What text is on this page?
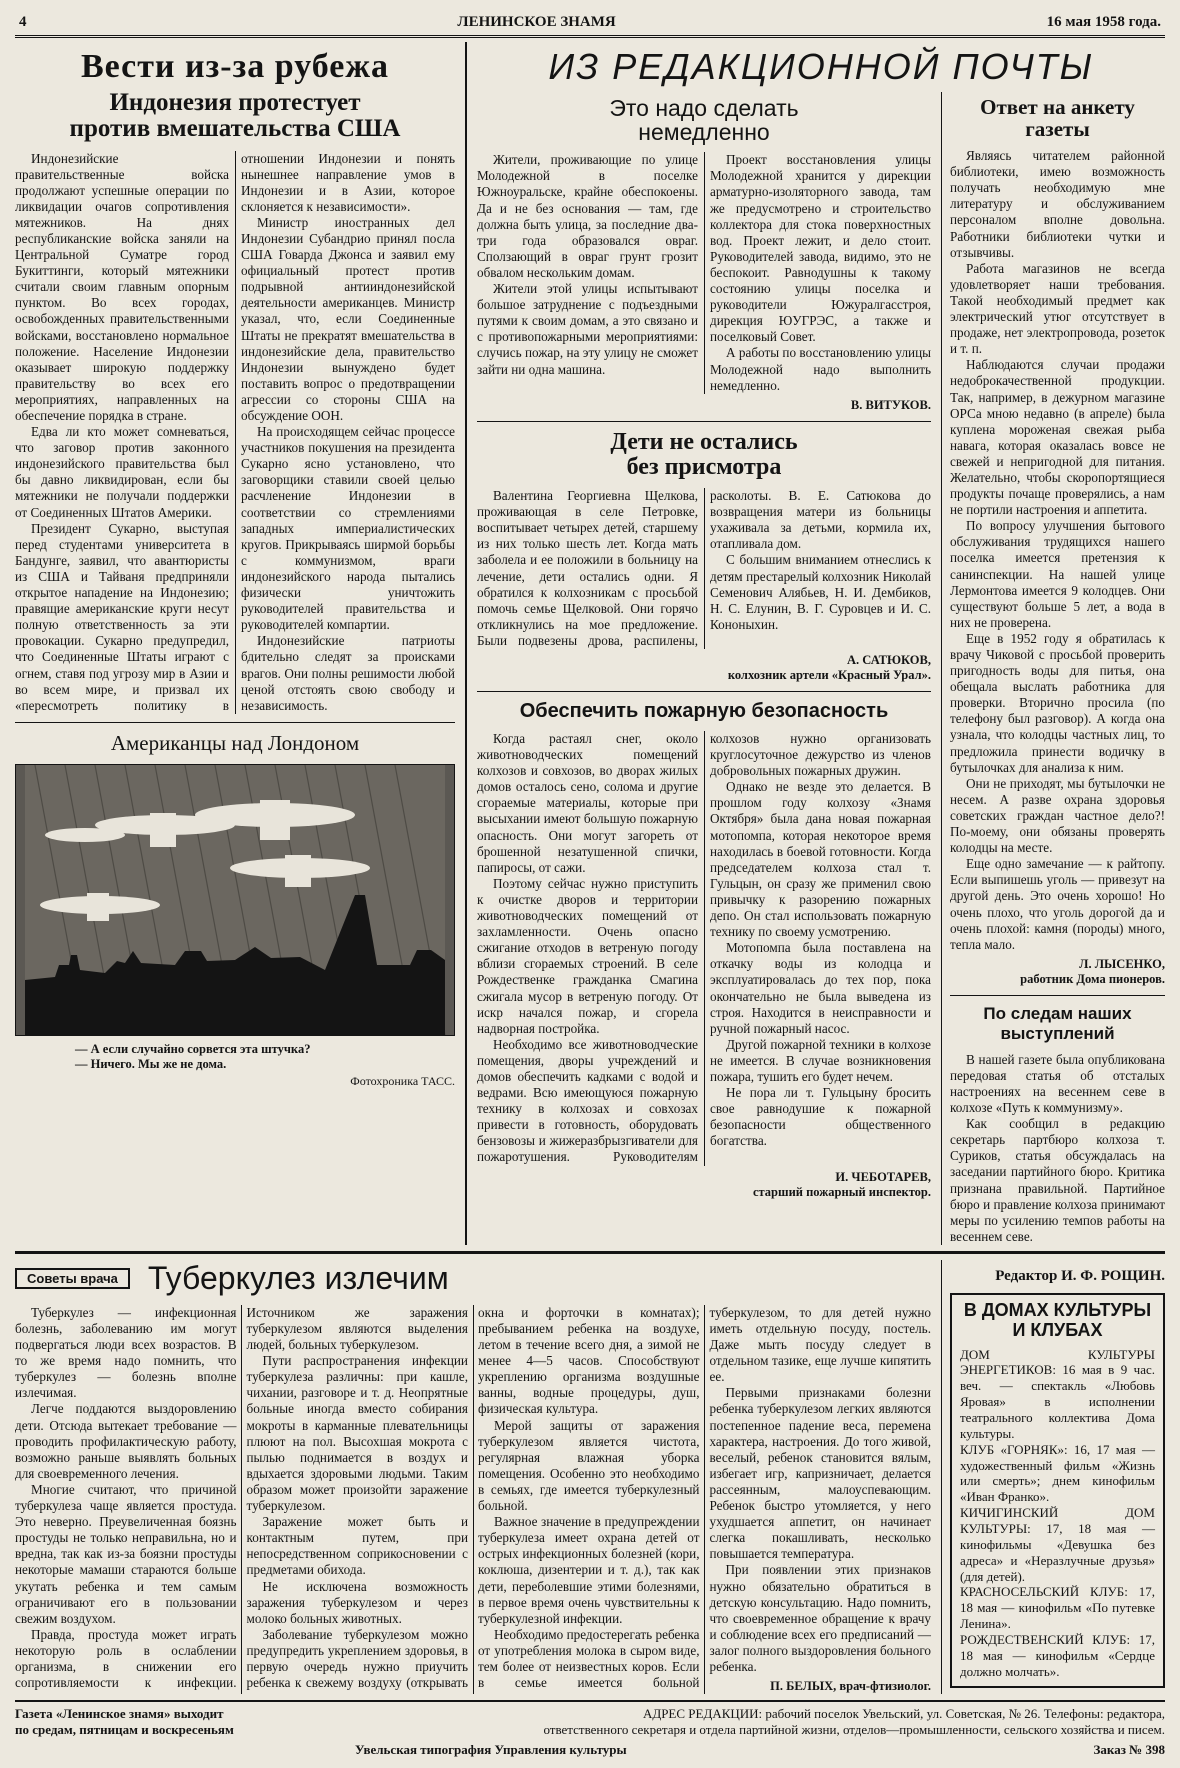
4	ЛЕНИНСКОЕ ЗНАМЯ	16 мая 1958 года.
Вести из-за рубежа
Индонезия протестует
против вмешательства США

Индонезийские правительственные войска продолжают успешные операции по ликвидации очагов сопротивления мятежников. На днях республиканские войска заняли на Центральной Суматре город Букиттинги, который мятежники считали своим главным опорным пунктом. Во всех городах, освобожденных правительственными войсками, восстановлено нормальное положение. Население Индонезии оказывает широкую поддержку правительству во всех его мероприятиях, направленных на обеспечение порядка в стране.

Едва ли кто может сомневаться, что заговор против законного индонезийского правительства был бы давно ликвидирован, если бы мятежники не получали поддержки от Соединенных Штатов Америки.

Президент Сукарно, выступая перед студентами университета в Бандунге, заявил, что авантюристы из США и Тайваня предприняли открытое нападение на Индонезию; правящие американские круги несут полную ответственность за эти провокации. Сукарно предупредил, что Соединенные Штаты играют с огнем, ставя под угрозу мир в Азии и во всем мире, и призвал их «пересмотреть политику в отношении Индонезии и понять нынешнее направление умов в Индонезии и в Азии, которое склоняется к независимости».

Министр иностранных дел Индонезии Субандрио принял посла США Говарда Джонса и заявил ему официальный протест против подрывной антииндонезийской деятельности американцев. Министр указал, что, если Соединенные Штаты не прекратят вмешательства в индонезийские дела, правительство Индонезии вынуждено будет поставить вопрос о предотвращении агрессии со стороны США на обсуждение ООН.

На происходящем сейчас процессе участников покушения на президента Сукарно ясно установлено, что заговорщики ставили своей целью расчленение Индонезии в соответствии со стремлениями западных империалистических кругов. Прикрываясь ширмой борьбы с коммунизмом, враги индонезийского народа пытались физически уничтожить руководителей правительства и руководителей компартии.

Индонезийские патриоты бдительно следят за происками врагов. Они полны решимости любой ценой отстоять свою свободу и независимость.

Американцы над Лондоном
— А если случайно сорвется эта штучка?
— Ничего. Мы же не дома.
Фотохроника ТАСС.
ИЗ РЕДАКЦИОННОЙ ПОЧТЫ
Это надо сделать
немедленно

Жители, проживающие по улице Молодежной в поселке Южноуральске, крайне обеспокоены. Да и не без основания — там, где должна быть улица, за последние два-три года образовался овраг. Сползающий в овраг грунт грозит обвалом нескольким домам.

Жители этой улицы испытывают большое затруднение с подъездными путями к своим домам, а это связано и с противопожарными мероприятиями: случись пожар, на эту улицу не сможет зайти ни одна машина.

Проект восстановления улицы Молодежной хранится у дирекции арматурно-изоляторного завода, там же предусмотрено и строительство коллектора для стока поверхностных вод. Проект лежит, и дело стоит. Руководителей завода, видимо, это не беспокоит. Равнодушны к такому состоянию улицы поселка и руководители Южуралгасстроя, дирекция ЮУГРЭС, а также и поселковый Совет.

А работы по восстановлению улицы Молодежной надо выполнить немедленно.

В. ВИТУКОВ.
Дети не остались
без присмотра

Валентина Георгиевна Щелкова, проживающая в селе Петровке, воспитывает четырех детей, старшему из них только шесть лет. Когда мать заболела и ее положили в больницу на лечение, дети остались одни. Я обратился к колхозникам с просьбой помочь семье Щелковой. Они горячо откликнулись на мое предложение. Были подвезены дрова, распилены, расколоты. В. Е. Сатюкова до возвращения матери из больницы ухаживала за детьми, кормила их, отапливала дом.

С большим вниманием отнеслись к детям престарелый колхозник Николай Семенович Алябьев, Н. И. Дембиков, Н. С. Елунин, В. Г. Суровцев и И. С. Кононыхин.

А. САТЮКОВ,
колхозник артели «Красный Урал».
Обеспечить пожарную безопасность

Когда растаял снег, около животноводческих помещений колхозов и совхозов, во дворах жилых домов осталось сено, солома и другие сгораемые материалы, которые при высыхании имеют большую пожарную опасность. Они могут загореть от брошенной незатушенной спички, папиросы, от сажи.

Поэтому сейчас нужно приступить к очистке дворов и территории животноводческих помещений от захламленности. Очень опасно сжигание отходов в ветреную погоду вблизи сгораемых строений. В селе Рождественке гражданка Смагина сжигала мусор в ветреную погоду. От искр начался пожар, и сгорела надворная постройка.

Необходимо все животноводческие помещения, дворы учреждений и домов обеспечить кадками с водой и ведрами. Всю имеющуюся пожарную технику в колхозах и совхозах привести в готовность, оборудовать бензовозы и жижеразбрызгиватели для пожаротушения. Руководителям колхозов нужно организовать круглосуточное дежурство из членов добровольных пожарных дружин.

Однако не везде это делается. В прошлом году колхозу «Знамя Октября» была дана новая пожарная мотопомпа, которая некоторое время находилась в боевой готовности. Когда председателем колхоза стал т. Гульцын, он сразу же применил свою привычку к разорению пожарных депо. Он стал использовать пожарную технику по своему усмотрению.

Мотопомпа была поставлена на откачку воды из колодца и эксплуатировалась до тех пор, пока окончательно не была выведена из строя. Находится в неисправности и ручной пожарный насос.

Другой пожарной техники в колхозе не имеется. В случае возникновения пожара, тушить его будет нечем.

Не пора ли т. Гульцыну бросить свое равнодушие к пожарной безопасности общественного богатства.

И. ЧЕБОТАРЕВ,
старший пожарный инспектор.
Ответ на анкету
газеты

Являясь читателем районной библиотеки, имею возможность получать необходимую мне литературу и обслуживанием персоналом вполне довольна. Работники библиотеки чутки и отзывчивы.

Работа магазинов не всегда удовлетворяет наши требования. Такой необходимый предмет как электрический утюг отсутствует в продаже, нет электропровода, розеток и т. п.

Наблюдаются случаи продажи недоброкачественной продукции. Так, например, в дежурном магазине ОРСа мною недавно (в апреле) была куплена мороженая свежая рыба навага, которая оказалась вовсе не свежей и непригодной для питания. Желательно, чтобы скоропортящиеся продукты почаще проверялись, а нам не портили настроения и аппетита.

По вопросу улучшения бытового обслуживания трудящихся нашего поселка имеется претензия к санинспекции. На нашей улице Лермонтова имеется 9 колодцев. Они существуют больше 5 лет, а вода в них не проверена.

Еще в 1952 году я обратилась к врачу Чиковой с просьбой проверить пригодность воды для питья, она обещала выслать работника для проверки. Вторично просила (по телефону был разговор). А когда она узнала, что колодцы частных лиц, то предложила принести водичку в бутылочках для анализа к ним.

Они не приходят, мы бутылочки не несем. А разве охрана здоровья советских граждан частное дело?! По-моему, они обязаны проверять колодцы на месте.

Еще одно замечание — к райтопу. Если выпишешь уголь — привезут на другой день. Это очень хорошо! Но очень плохо, что уголь дорогой да и очень плохой: камня (породы) много, тепла мало.

Л. ЛЫСЕНКО,
работник Дома пионеров.
По следам наших
выступлений

В нашей газете была опубликована передовая статья об отсталых настроениях на весеннем севе в колхозе «Путь к коммунизму».

Как сообщил в редакцию секретарь партбюро колхоза т. Суриков, статья обсуждалась на заседании партийного бюро. Критика признана правильной. Партийное бюро и правление колхоза принимают меры по усилению темпов работы на весеннем севе.

Советы врача Туберкулез излечим

Туберкулез — инфекционная болезнь, заболеванию им могут подвергаться люди всех возрастов. В то же время надо помнить, что туберкулез — болезнь вполне излечимая.

Легче поддаются выздоровлению дети. Отсюда вытекает требование — проводить профилактическую работу, возможно раньше выявлять больных для своевременного лечения.

Многие считают, что причиной туберкулеза чаще является простуда. Это неверно. Преувеличенная боязнь простуды не только неправильна, но и вредна, так как из-за боязни простуды некоторые мамаши стараются больше укутать ребенка и тем самым ограничивают его в пользовании свежим воздухом.

Правда, простуда может играть некоторую роль в ослаблении организма, в снижении его сопротивляемости к инфекции. Источником же заражения туберкулезом являются выделения людей, больных туберкулезом.

Пути распространения инфекции туберкулеза различны: при кашле, чихании, разговоре и т. д. Неопрятные больные иногда вместо собирания мокроты в карманные плевательницы плюют на пол. Высохшая мокрота с пылью поднимается в воздух и вдыхается здоровыми людьми. Таким образом может произойти заражение туберкулезом.

Заражение может быть и контактным путем, при непосредственном соприкосновении с предметами обихода.

Не исключена возможность заражения туберкулезом и через молоко больных животных.

Заболевание туберкулезом можно предупредить укреплением здоровья, в первую очередь нужно приучить ребенка к свежему воздуху (открывать окна и форточки в комнатах); пребыванием ребенка на воздухе, летом в течение всего дня, а зимой не менее 4—5 часов. Способствуют укреплению организма воздушные ванны, водные процедуры, душ, физическая культура.

Мерой защиты от заражения туберкулезом является чистота, регулярная влажная уборка помещения. Особенно это необходимо в семьях, где имеется туберкулезный больной.

Важное значение в предупреждении туберкулеза имеет охрана детей от острых инфекционных болезней (кори, коклюша, дизентерии и т. д.), так как дети, переболевшие этими болезнями, в первое время очень чувствительны к туберкулезной инфекции.

Необходимо предостерегать ребенка от употребления молока в сыром виде, тем более от неизвестных коров. Если в семье имеется больной туберкулезом, то для детей нужно иметь отдельную посуду, постель. Даже мыть посуду следует в отдельном тазике, еще лучше кипятить ее.

Первыми признаками болезни ребенка туберкулезом легких являются постепенное падение веса, перемена характера, настроения. До того живой, веселый, ребенок становится вялым, избегает игр, капризничает, делается рассеянным, малоуспевающим. Ребенок быстро утомляется, у него ухудшается аппетит, он начинает слегка покашливать, несколько повышается температура.

При появлении этих признаков нужно обязательно обратиться в детскую консультацию. Надо помнить, что своевременное обращение к врачу и соблюдение всех его предписаний — залог полного выздоровления больного ребенка.

П. БЕЛЫХ, врач-фтизиолог.
Редактор И. Ф. РОЩИН.
В ДОМАХ КУЛЬТУРЫ
И КЛУБАХ

ДОМ КУЛЬТУРЫ ЭНЕРГЕТИКОВ: 16 мая в 9 час. веч. — спектакль «Любовь Яровая» в исполнении театрального коллектива Дома культуры.

КЛУБ «ГОРНЯК»: 16, 17 мая — художественный фильм «Жизнь или смерть»; днем кинофильм «Иван Франко».

КИЧИГИНСКИЙ ДОМ КУЛЬТУРЫ: 17, 18 мая — кинофильмы «Девушка без адреса» и «Неразлучные друзья» (для детей).

КРАСНОСЕЛЬСКИЙ КЛУБ: 17, 18 мая — кинофильм «По путевке Ленина».

РОЖДЕСТВЕНСКИЙ КЛУБ: 17, 18 мая — кинофильм «Сердце должно молчать».

Газета «Ленинское знамя» выходит
по средам, пятницам и воскресеньям
АДРЕС РЕДАКЦИИ: рабочий поселок Увельский, ул. Советская, № 26. Телефоны: редактора,
ответственного секретаря и отдела партийной жизни, отделов—промышленности, сельского хозяйства и писем.
Увельская типография Управления культуры	Заказ № 398
